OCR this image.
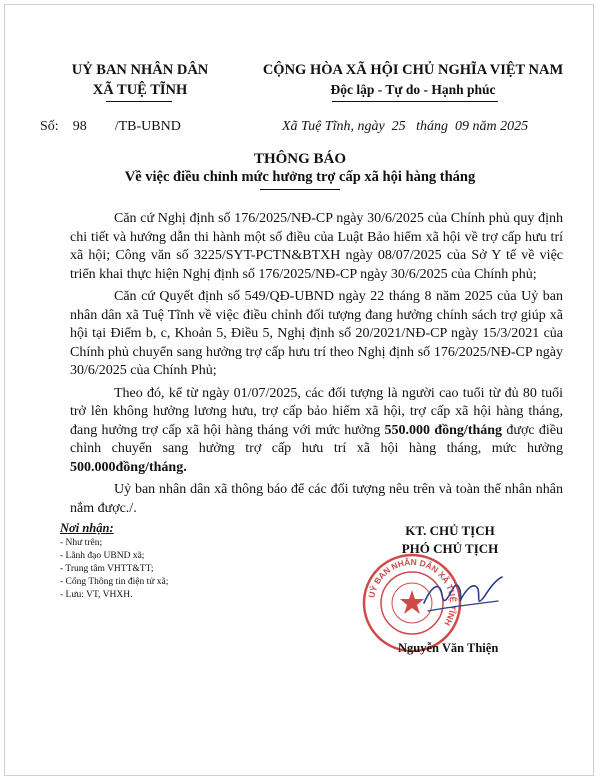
UỶ BAN NHÂN DÂN
XÃ TUỆ TĨNH
CỘNG HÒA XÃ HỘI CHỦ NGHĨA VIỆT NAM
Độc lập - Tự do - Hạnh phúc
Số: 98 /TB-UBND	Xã Tuệ Tĩnh, ngày  25   tháng  09 năm 2025
THÔNG BÁO
Về việc điều chỉnh mức hưởng trợ cấp xã hội hàng tháng

Căn cứ Nghị định số 176/2025/NĐ-CP ngày 30/6/2025 của Chính phủ quy định chi tiết và hướng dẫn thi hành một số điều của Luật Bảo hiểm xã hội về trợ cấp hưu trí xã hội; Công văn số 3225/SYT-PCTN&BTXH ngày 08/07/2025 của Sở Y tế về việc triển khai thực hiện Nghị định số 176/2025/NĐ-CP ngày 30/6/2025 của Chính phủ;

Căn cứ Quyết định số 549/QĐ-UBND ngày 22 tháng 8 năm 2025 của Uỷ ban nhân dân xã Tuệ Tĩnh về việc điều chỉnh đối tượng đang hưởng chính sách trợ giúp xã hội tại Điểm b, c, Khoản 5, Điều 5, Nghị định số 20/2021/NĐ-CP ngày 15/3/2021 của Chính phủ chuyển sang hưởng trợ cấp hưu trí theo Nghị định số 176/2025/NĐ-CP ngày 30/6/2025 của Chính Phủ;

Theo đó, kể từ ngày 01/07/2025, các đối tượng là người cao tuổi từ đủ 80 tuổi trở lên không hưởng lương hưu, trợ cấp bảo hiểm xã hội, trợ cấp xã hội hàng tháng, đang hưởng trợ cấp xã hội hàng tháng với mức hưởng 550.000 đồng/tháng được điều chỉnh chuyển sang hưởng trợ cấp hưu trí xã hội hàng tháng, mức hưởng 500.000đồng/tháng.

Uỷ ban nhân dân xã thông báo để các đối tượng nêu trên và toàn thể nhân nhân nắm được./.

Nơi nhận:
- Như trên;
- Lãnh đạo UBND xã;
- Trung tâm VHTT&TT;
- Cổng Thông tin điện tử xã;
- Lưu: VT, VHXH.
KT. CHỦ TỊCH
PHÓ CHỦ TỊCH
UỶ BAN NHÂN DÂN XÃ TUỆ TĨNH
Nguyễn Văn Thiện
